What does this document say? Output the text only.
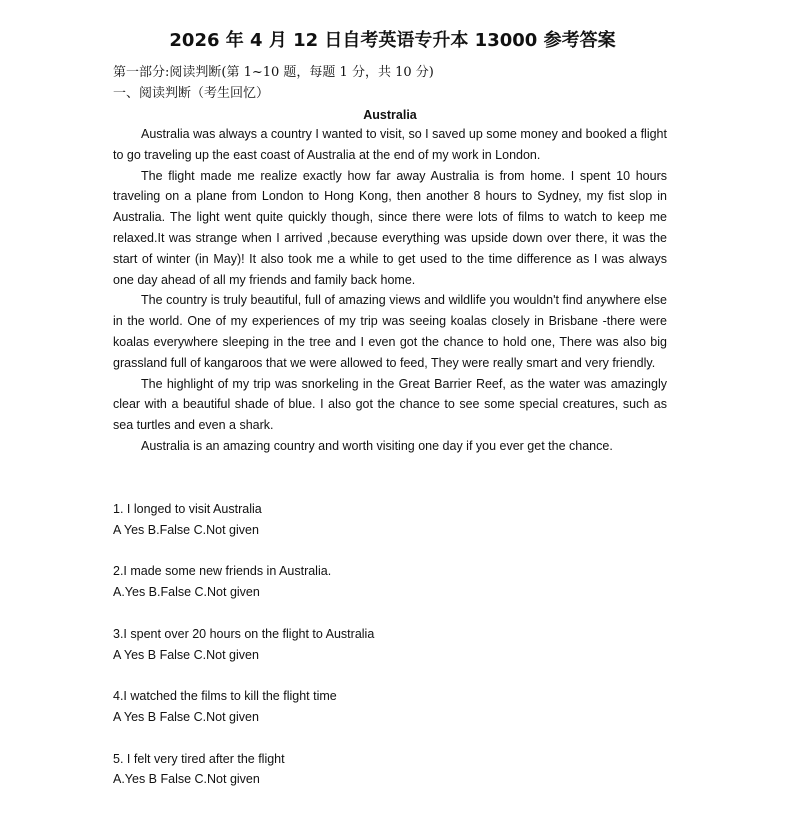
2026 年 4 月 12 日自考英语专升本 13000 参考答案
第一部分:阅读判断(第 1~10 题，每题 1 分，共 10 分)
一、阅读判断（考生回忆）
Australia

Australia was always a country I wanted to visit, so I saved up some money and booked a flight to go traveling up the east coast of Australia at the end of my work in London.

The flight made me realize exactly how far away Australia is from home. I spent 10 hours traveling on a plane from London to Hong Kong, then another 8 hours to Sydney, my fist slop in Australia. The light went quite quickly though, since there were lots of films to watch to keep me relaxed.It was strange when I arrived ,because everything was upside down over there, it was the start of winter (in May)! It also took me a while to get used to the time difference as I was always one day ahead of all my friends and family back home.

The country is truly beautiful, full of amazing views and wildlife you wouldn't find anywhere else in the world. One of my experiences of my trip was seeing koalas closely in Brisbane -there were koalas everywhere sleeping in the tree and I even got the chance to hold one, There was also big grassland full of kangaroos that we were allowed to feed, They were really smart and very friendly.

The highlight of my trip was snorkeling in the Great Barrier Reef, as the water was amazingly clear with a beautiful shade of blue. I also got the chance to see some special creatures, such as sea turtles and even a shark.

Australia is an amazing country and worth visiting one day if you ever get the chance.

1. I longed to visit Australia
A Yes B.False C.Not given
2.I made some new friends in Australia.
A.Yes B.False C.Not given
3.I spent over 20 hours on the flight to Australia
A Yes B False C.Not given
4.I watched the films to kill the flight time
A Yes B False C.Not given
5. I felt very tired after the flight
A.Yes B False C.Not given
